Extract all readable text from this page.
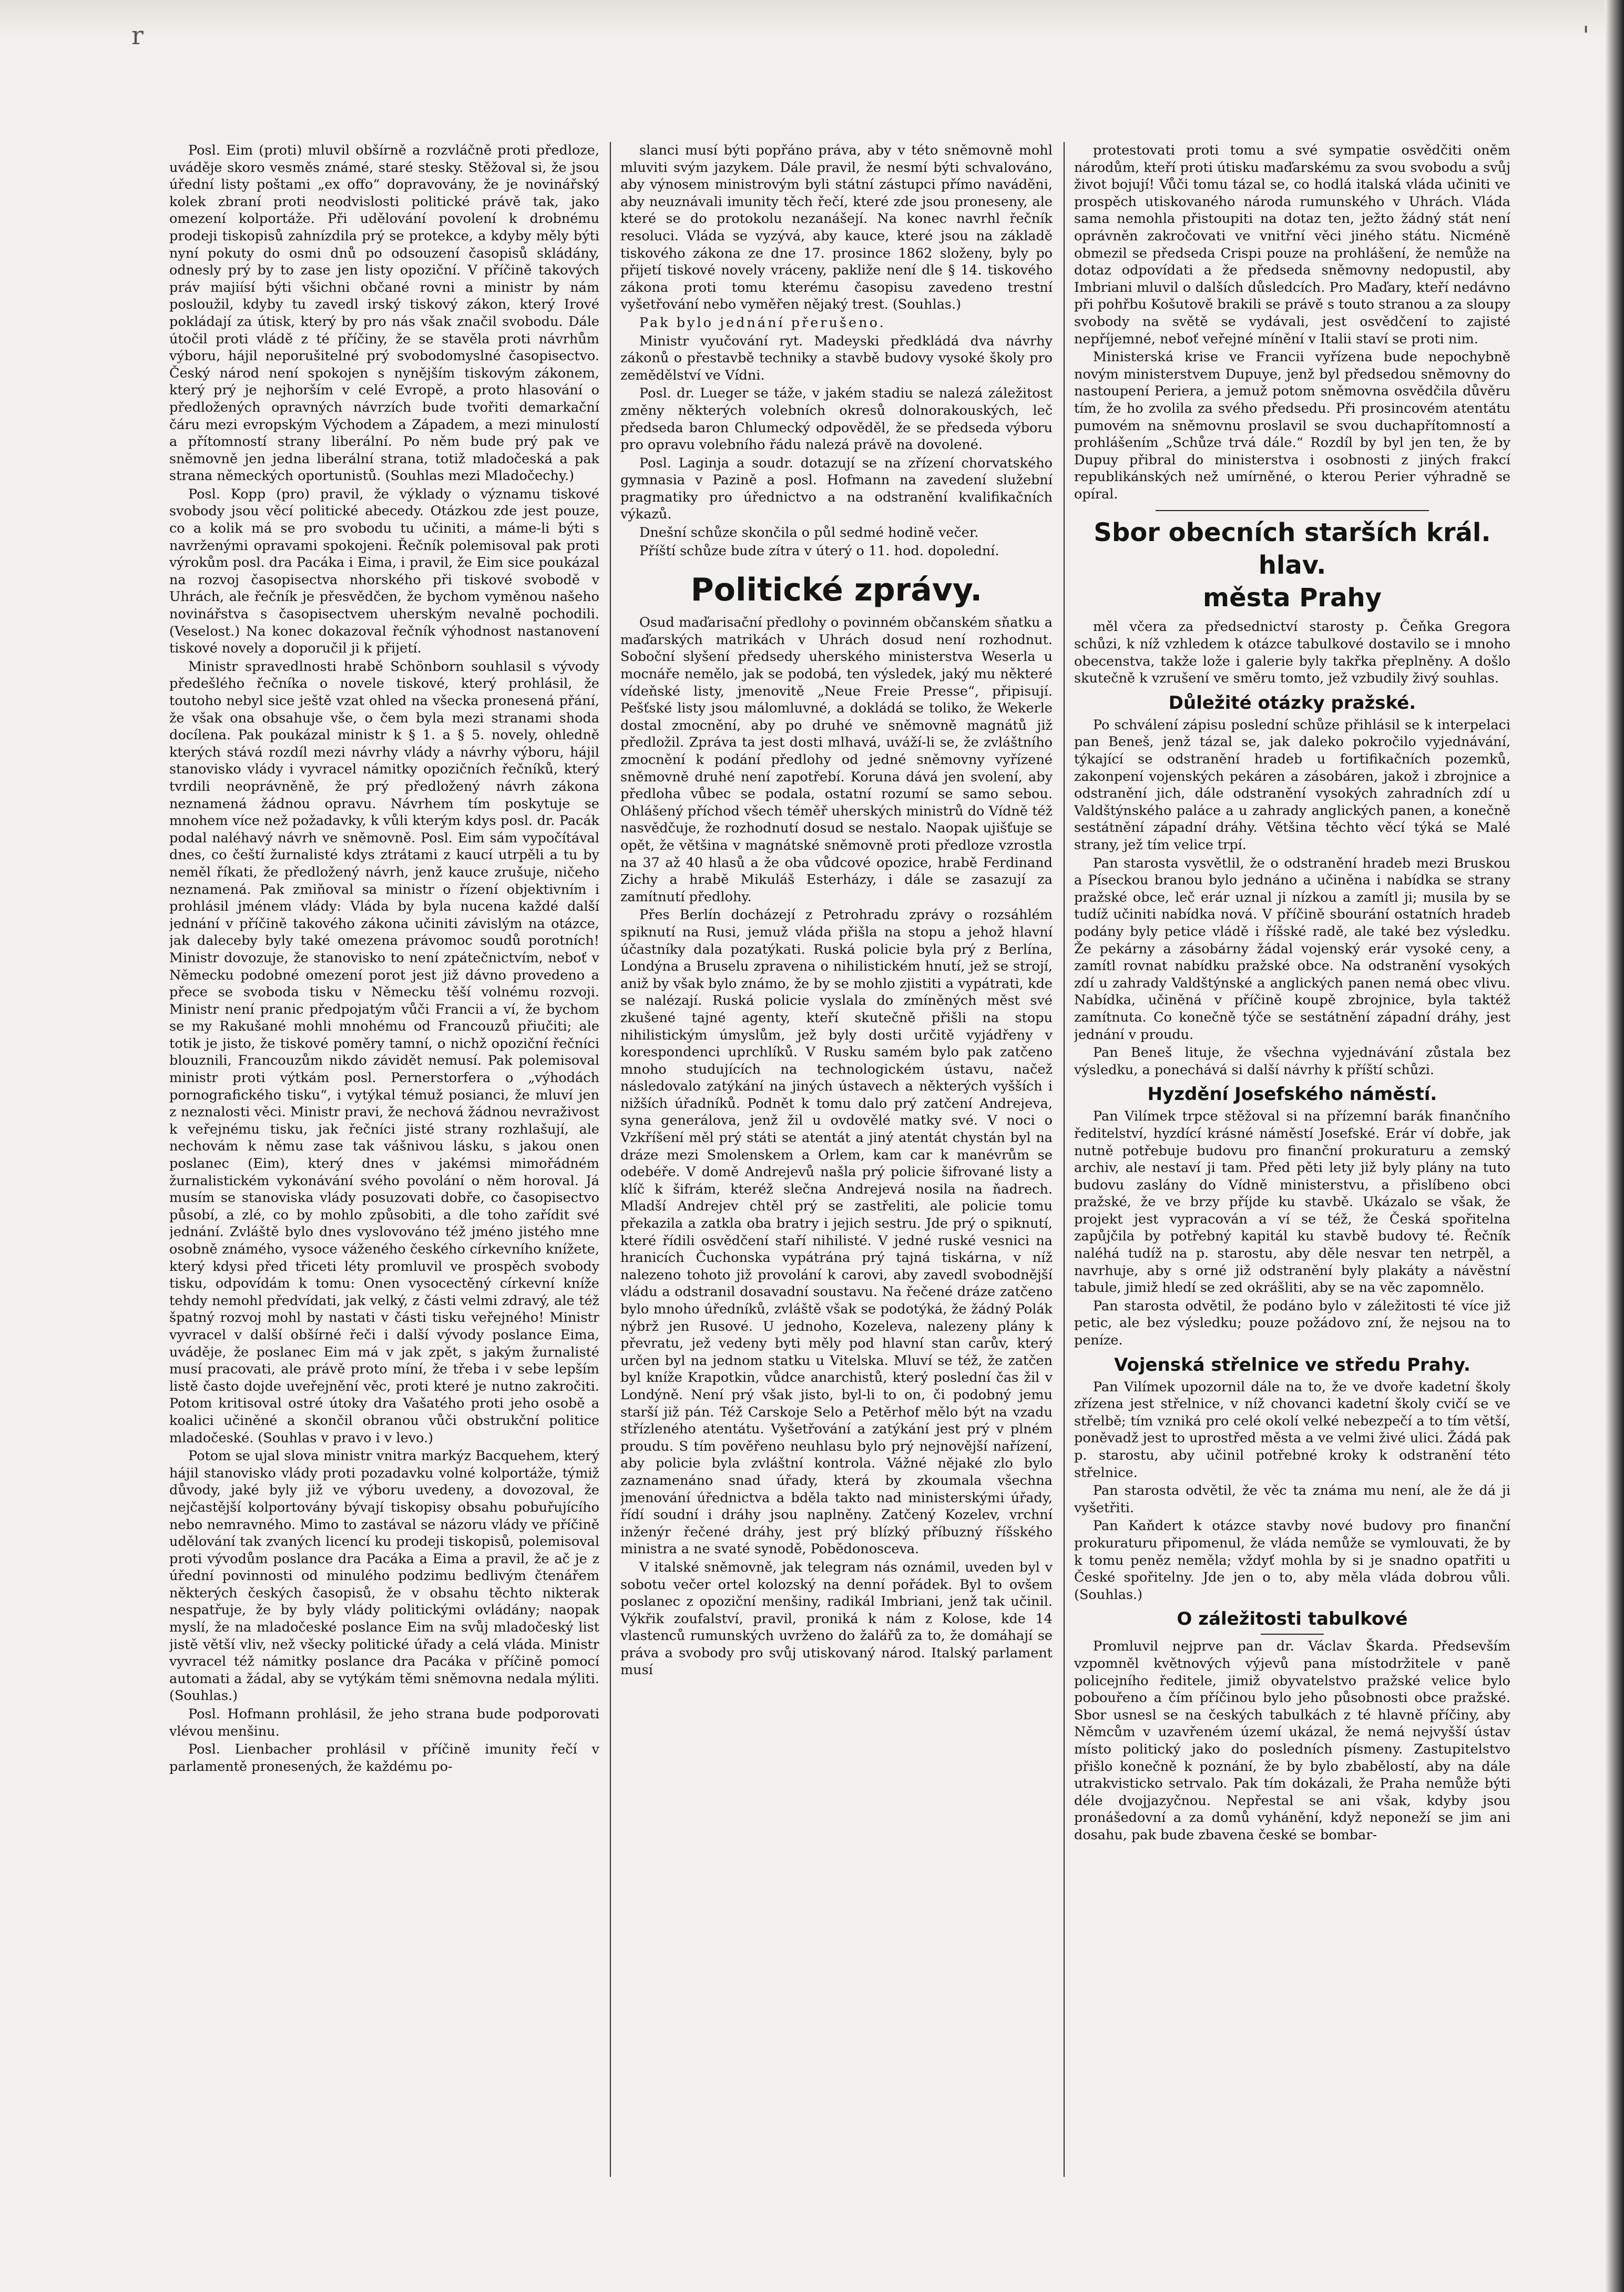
r	'

Posl. Eim (proti) mluvil obšírně a rozvláčně proti předloze, uváděje skoro vesměs známé, staré stesky. Stěžoval si, že jsou úřední listy poštami „ex offo“ dopravovány, že je novinářský kolek zbraní proti neodvislosti politické právě tak, jako omezení kolportáže. Při udělování povolení k drobnému prodeji tiskopisů zahnízdila prý se protekce, a kdyby měly býti nyní pokuty do osmi dnů po odsouzení časopisů skládány, odnesly prý by to zase jen listy opoziční. V příčině takových práv majiísí býti všichni občané rovni a ministr by nám posloužil, kdyby tu zavedl irský tiskový zákon, který Irové pokládají za útisk, který by pro nás však značil svobodu. Dále útočil proti vládě z té příčiny, že se stavěla proti návrhům výboru, hájil neporušitelné prý svobodomyslné časopisectvo. Český národ není spokojen s nynějším tiskovým zákonem, který prý je nejhorším v celé Evropě, a proto hlasování o předložených opravných návrzích bude tvořiti demarkační čáru mezi evropským Východem a Západem, a mezi minulostí a přítomností strany liberální. Po něm bude prý pak ve sněmovně jen jedna liberální strana, totiž mladočeská a pak strana německých oportunistů. (Souhlas mezi Mladočechy.)

Posl. Kopp (pro) pravil, že výklady o významu tiskové svobody jsou věcí politické abecedy. Otázkou zde jest pouze, co a kolik má se pro svobodu tu učiniti, a máme-li býti s navrženými opravami spokojeni. Řečník polemisoval pak proti výrokům posl. dra Pacáka i Eima, i pravil, že Eim sice poukázal na rozvoj časopisectva nhorského při tiskové svobodě v Uhrách, ale řečník je přesvědčen, že bychom vyměnou našeho novinářstva s časopisectvem uherským nevalně pochodili. (Veselost.) Na konec dokazoval řečník výhodnost nastanovení tiskové novely a doporučil ji k přijetí.

Ministr spravedlnosti hrabě Schönborn souhlasil s vývody předešlého řečníka o novele tiskové, který prohlásil, že toutoho nebyl sice ještě vzat ohled na všecka pronesená přání, že však ona obsahuje vše, o čem byla mezi stranami shoda docílena. Pak poukázal ministr k § 1. a § 5. novely, ohledně kterých stává rozdíl mezi návrhy vlády a návrhy výboru, hájil stanovisko vlády i vyvracel námitky opozičních řečníků, který tvrdili neoprávněně, že prý předložený návrh zákona neznamená žádnou opravu. Návrhem tím poskytuje se mnohem více než požadavky, k vůli kterým kdys posl. dr. Pacák podal naléhavý návrh ve sněmovně. Posl. Eim sám vypočítával dnes, co čeští žurnalisté kdys ztrátami z kaucí utrpěli a tu by neměl říkati, že předložený návrh, jenž kauce zrušuje, ničeho neznamená. Pak zmiňoval sa ministr o řízení objektivním i prohlásil jménem vlády: Vláda by byla nucena každé další jednání v příčině takového zákona učiniti závislým na otázce, jak daleceby byly také omezena právomoc soudů porotních! Ministr dovozuje, že stanovisko to není zpátečnictvím, neboť v Německu podobné omezení porot jest již dávno provedeno a přece se svoboda tisku v Německu těší volnému rozvoji. Ministr není pranic předpojatým vůči Francii a ví, že bychom se my Rakušané mohli mnohému od Francouzů přiučiti; ale totik je jisto, že tiskové poměry tamní, o nichž opoziční řečníci blouznili, Francouzům nikdo závidět nemusí. Pak polemisoval ministr proti výtkám posl. Pernerstorfera o „výhodách pornografického tisku“, i vytýkal témuž posianci, že mluví jen z neznalosti věci. Ministr pravi, že nechová žádnou nevraživost k veřejnému tisku, jak řečníci jisté strany rozhlašují, ale nechovám k němu zase tak vášnivou lásku, s jakou onen poslanec (Eim), který dnes v jakémsi mimořádném žurnalistickém vykonávání svého povolání o něm horoval. Já musím se stanoviska vlády posuzovati dobře, co časopisectvo působí, a zlé, co by mohlo způsobiti, a dle toho zařídit své jednání. Zvláště bylo dnes vyslovováno též jméno jistého mne osobně známého, vysoce váženého českého církevního knížete, který kdysi před třiceti léty promluvil ve prospěch svobody tisku, odpovídám k tomu: Onen vysocectěný církevní kníže tehdy nemohl předvídati, jak velký, z části velmi zdravý, ale též špatný rozvoj mohl by nastati v části tisku veřejného! Ministr vyvracel v další obšírné řeči i další vývody poslance Eima, uváděje, že poslanec Eim má v jak zpět, s jakým žurnalisté musí pracovati, ale právě proto míní, že třeba i v sebe lepším listě často dojde uveřejnění věc, proti které je nutno zakročiti. Potom kritisoval ostré útoky dra Vašatého proti jeho osobě a koalici učiněné a skončil obranou vůči obstrukční politice mladočeské. (Souhlas v pravo i v levo.)

Potom se ujal slova ministr vnitra markýz Bacquehem, který hájil stanovisko vlády proti pozadavku volné kolportáže, týmiž důvody, jaké byly již ve výboru uvedeny, a dovozoval, že nejčastější kolportovány bývají tiskopisy obsahu pobuřujícího nebo nemravného. Mimo to zastával se názoru vlády ve příčině udělování tak zvaných licencí ku prodeji tiskopisů, polemisoval proti vývodům poslance dra Pacáka a Eima a pravil, že ač je z úřední povinnosti od minulého podzimu bedlivým čtenářem některých českých časopisů, že v obsahu těchto nikterak nespatřuje, že by byly vlády politickými ovládány; naopak myslí, že na mladočeské poslance Eim na svůj mladočeský list jistě větší vliv, než všecky politické úřady a celá vláda. Ministr vyvracel též námitky poslance dra Pacáka v příčině pomocí automati a žádal, aby se vytýkám těmi sněmovna nedala mýliti. (Souhlas.)

Posl. Hofmann prohlásil, že jeho strana bude podporovati vlévou menšinu.

Posl. Lienbacher prohlásil v příčině imunity řečí v parlamentě pronesených, že každému po-

slanci musí býti popřáno práva, aby v této sněmovně mohl mluviti svým jazykem. Dále pravil, že nesmí býti schvalováno, aby výnosem ministrovým byli státní zástupci přímo naváděni, aby neuznávali imunity těch řečí, které zde jsou proneseny, ale které se do protokolu nezanášejí. Na konec navrhl řečník resoluci. Vláda se vyzývá, aby kauce, které jsou na základě tiskového zákona ze dne 17. prosince 1862 složeny, byly po přijetí tiskové novely vráceny, pakliže není dle § 14. tiskového zákona proti tomu kterému časopisu zavedeno trestní vyšetřování nebo vyměřen nějaký trest. (Souhlas.)

Pak bylo jednání přerušeno.

Ministr vyučování ryt. Madeyski předkládá dva návrhy zákonů o přestavbě techniky a stavbě budovy vysoké školy pro zemědělství ve Vídni.

Posl. dr. Lueger se táže, v jakém stadiu se nalezá záležitost změny některých volebních okresů dolnorakouských, leč předseda baron Chlumecký odpověděl, že se předseda výboru pro opravu volebního řádu nalezá právě na dovolené.

Posl. Laginja a soudr. dotazují se na zřízení chorvatského gymnasia v Pazině a posl. Hofmann na zavedení služební pragmatiky pro úřednictvo a na odstranění kvalifikačních výkazů.

Dnešní schůze skončila o půl sedmé hodině večer.

Příští schůze bude zítra v úterý o 11. hod. dopolední.

Politické zprávy.

Osud maďarisační předlohy o povinném občanském sňatku a maďarských matrikách v Uhrách dosud není rozhodnut. Soboční slyšení předsedy uherského ministerstva Weserla u mocnáře nemělo, jak se podobá, ten výsledek, jaký mu některé vídeňské listy, jmenovitě „Neue Freie Presse“, připisují. Pešťské listy jsou málomluvné, a dokládá se toliko, že Wekerle dostal zmocnění, aby po druhé ve sněmovně magnátů již předložil. Zpráva ta jest dosti mlhavá, uváží-li se, že zvláštního zmocnění k podání předlohy od jedné sněmovny vyřízené sněmovně druhé není zapotřebí. Koruna dává jen svolení, aby předloha vůbec se podala, ostatní rozumí se samo sebou. Ohlášený příchod všech téměř uherských ministrů do Vídně též nasvědčuje, že rozhodnutí dosud se nestalo. Naopak ujišťuje se opět, že většina v magnátské sněmovně proti předloze vzrostla na 37 až 40 hlasů a že oba vůdcové opozice, hrabě Ferdinand Zichy a hrabě Mikuláš Esterházy, i dále se zasazují za zamítnutí předlohy.

Přes Berlín docházejí z Petrohradu zprávy o rozsáhlém spiknutí na Rusi, jemuž vláda přišla na stopu a jehož hlavní účastníky dala pozatýkati. Ruská policie byla prý z Berlína, Londýna a Bruselu zpravena o nihilistickém hnutí, jež se strojí, aniž by však bylo známo, že by se mohlo zjistiti a vypátrati, kde se nalézají. Ruská policie vyslala do zmíněných měst své zkušené tajné agenty, kteří skutečně přišli na stopu nihilistickým úmyslům, jež byly dosti určitě vyjádřeny v korespondenci uprchlíků. V Rusku samém bylo pak zatčeno mnoho studujících na technologickém ústavu, načež následovalo zatýkání na jiných ústavech a některých vyšších i nižších úřadníků. Podnět k tomu dalo prý zatčení Andrejeva, syna generálova, jenž žil u ovdovělé matky své. V noci o Vzkříšení měl prý státi se atentát a jiný atentát chystán byl na dráze mezi Smolenskem a Orlem, kam car k manévrům se odebéře. V domě Andrejevů našla prý policie šifrované listy a klíč k šifrám, kteréž slečna Andrejevá nosila na ňadrech. Mladší Andrejev chtěl prý se zastřeliti, ale policie tomu překazila a zatkla oba bratry i jejich sestru. Jde prý o spiknutí, které řídili osvědčení staří nihilisté. V jedné ruské vesnici na hranicích Čuchonska vypátrána prý tajná tiskárna, v níž nalezeno tohoto již provolání k carovi, aby zavedl svobodnější vládu a odstranil dosavadní soustavu. Na řečené dráze zatčeno bylo mnoho úředníků, zvláště však se podotýká, že žádný Polák nýbrž jen Rusové. U jednoho, Kozeleva, nalezeny plány k převratu, jež vedeny byti měly pod hlavní stan carův, který určen byl na jednom statku u Vitelska. Mluví se též, že zatčen byl kníže Krapotkin, vůdce anarchistů, který poslední čas žil v Londýně. Není prý však jisto, byl-li to on, či podobný jemu starší již pán. Též Carskoje Selo a Petěrhof mělo být na vzadu střízleného atentátu. Vyšetřování a zatýkání jest prý v plném proudu. S tím pověřeno neuhlasu bylo prý nejnovější nařízení, aby policie byla zvláštní kontrola. Vážné nějaké zlo bylo zaznamenáno snad úřady, která by zkoumala všechna jmenování úřednictva a bděla takto nad ministerskými úřady, řídí soudní i dráhy jsou naplněny. Zatčený Kozelev, vrchní inženýr řečené dráhy, jest prý blízký příbuzný říšského ministra a ne svaté synodě, Pobědonosceva.

V italské sněmovně, jak telegram nás oznámil, uveden byl v sobotu večer ortel kolozský na denní pořádek. Byl to ovšem poslanec z opoziční menšiny, radikál Imbriani, jenž tak učinil. Výkřik zoufalství, pravil, proniká k nám z Kolose, kde 14 vlastenců rumunských uvrženo do žalářů za to, že domáhají se práva a svobody pro svůj utiskovaný národ. Italský parlament musí

protestovati proti tomu a své sympatie osvědčiti oněm národům, kteří proti útisku maďarskému za svou svobodu a svůj život bojují! Vůči tomu tázal se, co hodlá italská vláda učiniti ve prospěch utiskovaného národa rumunského v Uhrách. Vláda sama nemohla přistoupiti na dotaz ten, ježto žádný stát není oprávněn zakročovati ve vnitřní věci jiného státu. Nicméně obmezil se předseda Crispi pouze na prohlášení, že nemůže na dotaz odpovídati a že předseda sněmovny nedopustil, aby Imbriani mluvil o dalších důsledcích. Pro Maďary, kteří nedávno při pohřbu Košutově brakili se právě s touto stranou a za sloupy svobody na světě se vydávali, jest osvědčení to zajisté nepříjemné, neboť veřejné mínění v Italii staví se proti nim.

Ministerská krise ve Francii vyřízena bude nepochybně novým ministerstvem Dupuye, jenž byl předsedou sněmovny do nastoupení Periera, a jemuž potom sněmovna osvědčila důvěru tím, že ho zvolila za svého předsedu. Při prosincovém atentátu pumovém na sněmovnu proslavil se svou duchapřítomností a prohlášením „Schůze trvá dále.“ Rozdíl by byl jen ten, že by Dupuy přibral do ministerstva i osobnosti z jiných frakcí republikánských než umírněné, o kterou Perier výhradně se opíral.

Sbor obecních starších král. hlav.
města Prahy

měl včera za předsednictví starosty p. Čeňka Gregora schůzi, k níž vzhledem k otázce tabulkové dostavilo se i mnoho obecenstva, takže lože i galerie byly takřka přeplněny. A došlo skutečně k vzrušení ve směru tomto, jež vzbudily živý souhlas.

Důležité otázky pražské.

Po schválení zápisu poslední schůze přihlásil se k interpelaci pan Beneš, jenž tázal se, jak daleko pokročilo vyjednávání, týkající se odstranění hradeb u fortifikačních pozemků, zakonpení vojenských pekáren a zásobáren, jakož i zbrojnice a odstranění jich, dále odstranění vysokých zahradních zdí u Valdštýnského paláce a u zahrady anglických panen, a konečně sestátnění západní dráhy. Většina těchto věcí týká se Malé strany, jež tím velice trpí.

Pan starosta vysvětlil, že o odstranění hradeb mezi Bruskou a Píseckou branou bylo jednáno a učiněna i nabídka se strany pražské obce, leč erár uznal ji nízkou a zamítl ji; musila by se tudíž učiniti nabídka nová. V příčině sbourání ostatních hradeb podány byly petice vládě i říšské radě, ale také bez výsledku. Že pekárny a zásobárny žádal vojenský erár vysoké ceny, a zamítl rovnat nabídku pražské obce. Na odstranění vysokých zdí u zahrady Valdštýnské a anglických panen nemá obec vlivu. Nabídka, učiněná v příčině koupě zbrojnice, byla taktéž zamítnuta. Co konečně týče se sestátnění západní dráhy, jest jednání v proudu.

Pan Beneš lituje, že všechna vyjednávání zůstala bez výsledku, a ponechává si další návrhy k příští schůzi.

Hyzdění Josefského náměstí.

Pan Vilímek trpce stěžoval si na přízemní barák finančního ředitelství, hyzdící krásné náměstí Josefské. Erár ví dobře, jak nutně potřebuje budovu pro finanční prokuraturu a zemský archiv, ale nestaví ji tam. Před pěti lety již byly plány na tuto budovu zaslány do Vídně ministerstvu, a přislíbeno obci pražské, že ve brzy příjde ku stavbě. Ukázalo se však, že projekt jest vypracován a ví se též, že Česká spořitelna zapůjčila by potřebný kapitál ku stavbě budovy té. Řečník naléhá tudíž na p. starostu, aby děle nesvar ten netrpěl, a navrhuje, aby s orné již odstranění byly plakáty a návěstní tabule, jimiž hledí se zed okrášliti, aby se na věc zapomnělo.

Pan starosta odvětil, že podáno bylo v záležitosti té více již petic, ale bez výsledku; pouze požádovo zní, že nejsou na to peníze.

Vojenská střelnice ve středu Prahy.

Pan Vilímek upozornil dále na to, že ve dvoře kadetní školy zřízena jest střelnice, v níž chovanci kadetní školy cvičí se ve střelbě; tím vzniká pro celé okolí velké nebezpečí a to tím větší, poněvadž jest to uprostřed města a ve velmi živé ulici. Žádá pak p. starostu, aby učinil potřebné kroky k odstranění této střelnice.

Pan starosta odvětil, že věc ta známa mu není, ale že dá ji vyšetřiti.

Pan Kaňdert k otázce stavby nové budovy pro finanční prokuraturu připomenul, že vláda nemůže se vymlouvati, že by k tomu peněz neměla; vždyť mohla by si je snadno opatřiti u České spořitelny. Jde jen o to, aby měla vláda dobrou vůli. (Souhlas.)

O záležitosti tabulkové

Promluvil nejprve pan dr. Václav Škarda. Předsevším vzpomněl květnových výjevů pana místodržitele v paně policejního ředitele, jimiž obyvatelstvo pražské velice bylo pobouřeno a čím příčinou bylo jeho působnosti obce pražské. Sbor usnesl se na českých tabulkách z té hlavně příčiny, aby Němcům v uzavřeném území ukázal, že nemá nejvyšší ústav místo politický jako do posledních písmeny. Zastupitelstvo přišlo konečně k poznání, že by bylo zbabělostí, aby na dále utrakvisticko setrvalo. Pak tím dokázali, že Praha nemůže býti déle dvojjazyčnou. Nepřestal se ani však, kdyby jsou pronášedovní a za domů vyhánění, když neponeží se jim ani dosahu, pak bude zbavena české se bombar-
